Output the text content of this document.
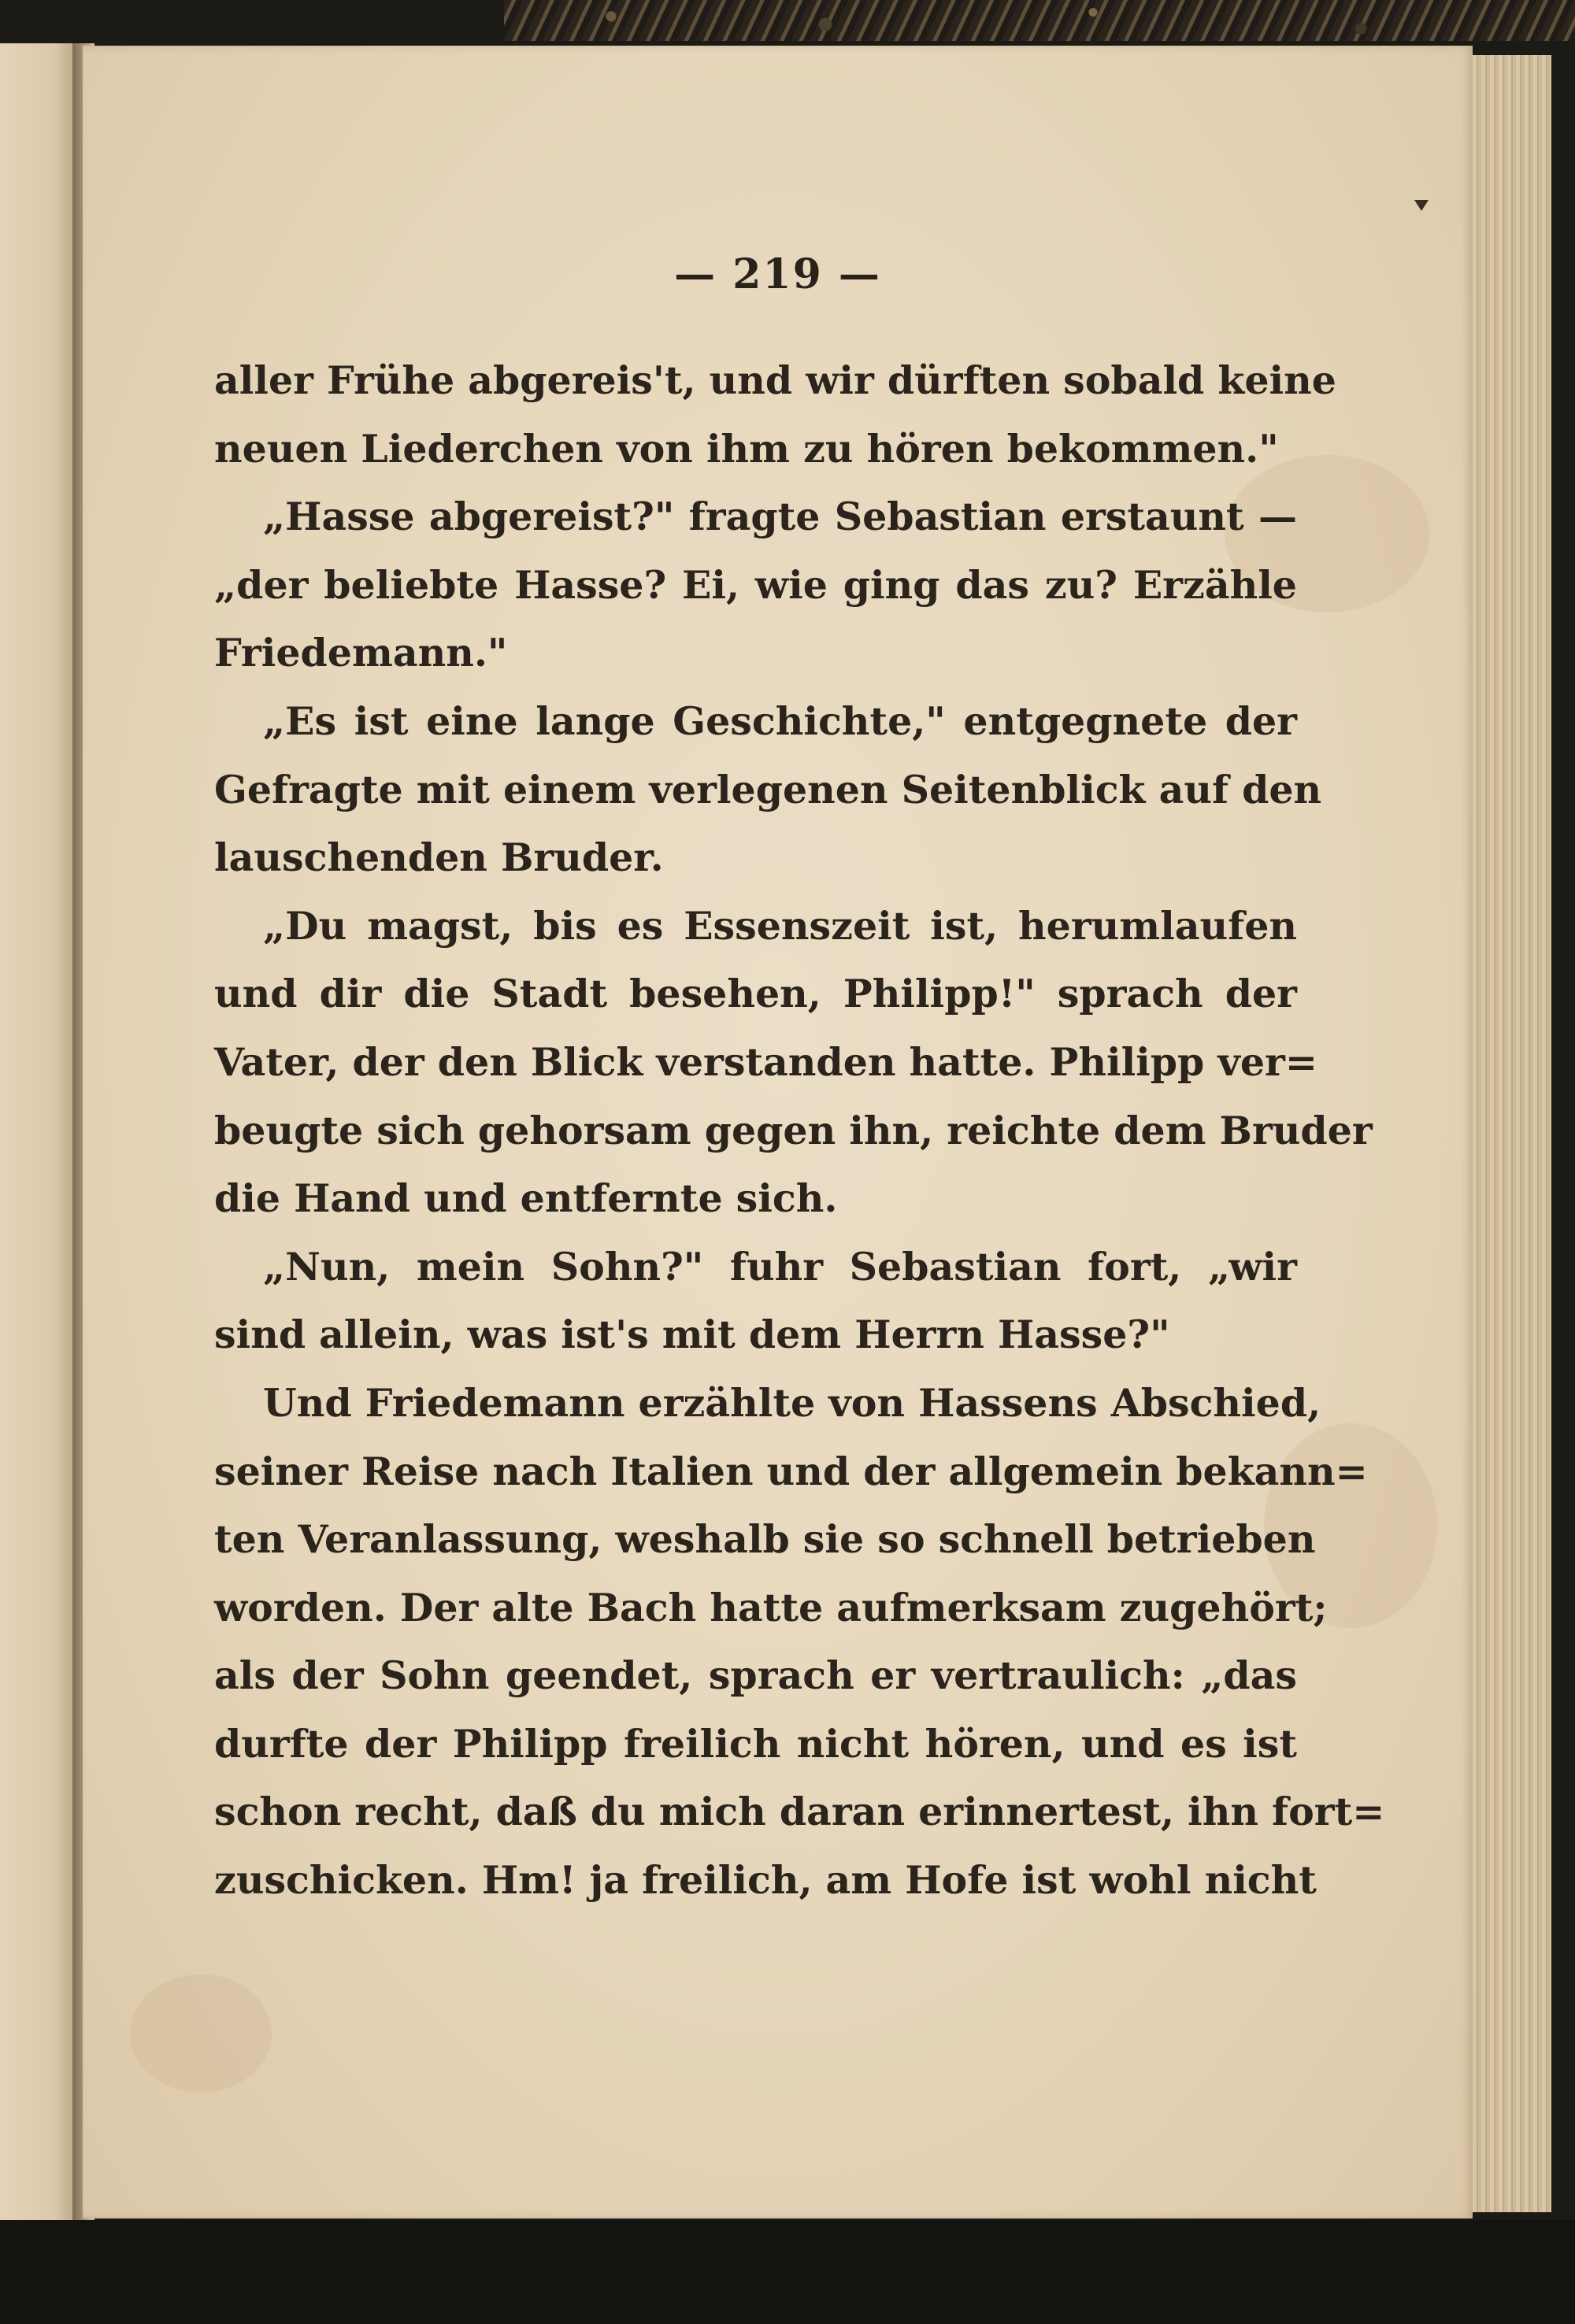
— 219 —
aller Frühe abgereis't, und wir dürften sobald keine
neuen Liederchen von ihm zu hören bekommen."
„Hasse abgereist?" fragte Sebastian erstaunt —
„der beliebte Hasse? Ei, wie ging das zu? Erzähle
Friedemann."
„Es ist eine lange Geschichte," entgegnete der
Gefragte mit einem verlegenen Seitenblick auf den
lauschenden Bruder.
„Du magst, bis es Essenszeit ist, herumlaufen
und dir die Stadt besehen, Philipp!" sprach der
Vater, der den Blick verstanden hatte. Philipp ver=
beugte sich gehorsam gegen ihn, reichte dem Bruder
die Hand und entfernte sich.
„Nun, mein Sohn?" fuhr Sebastian fort, „wir
sind allein, was ist's mit dem Herrn Hasse?"
Und Friedemann erzählte von Hassens Abschied,
seiner Reise nach Italien und der allgemein bekann=
ten Veranlassung, weshalb sie so schnell betrieben
worden. Der alte Bach hatte aufmerksam zugehört;
als der Sohn geendet, sprach er vertraulich: „das
durfte der Philipp freilich nicht hören, und es ist
schon recht, daß du mich daran erinnertest, ihn fort=
zuschicken. Hm! ja freilich, am Hofe ist wohl nicht
